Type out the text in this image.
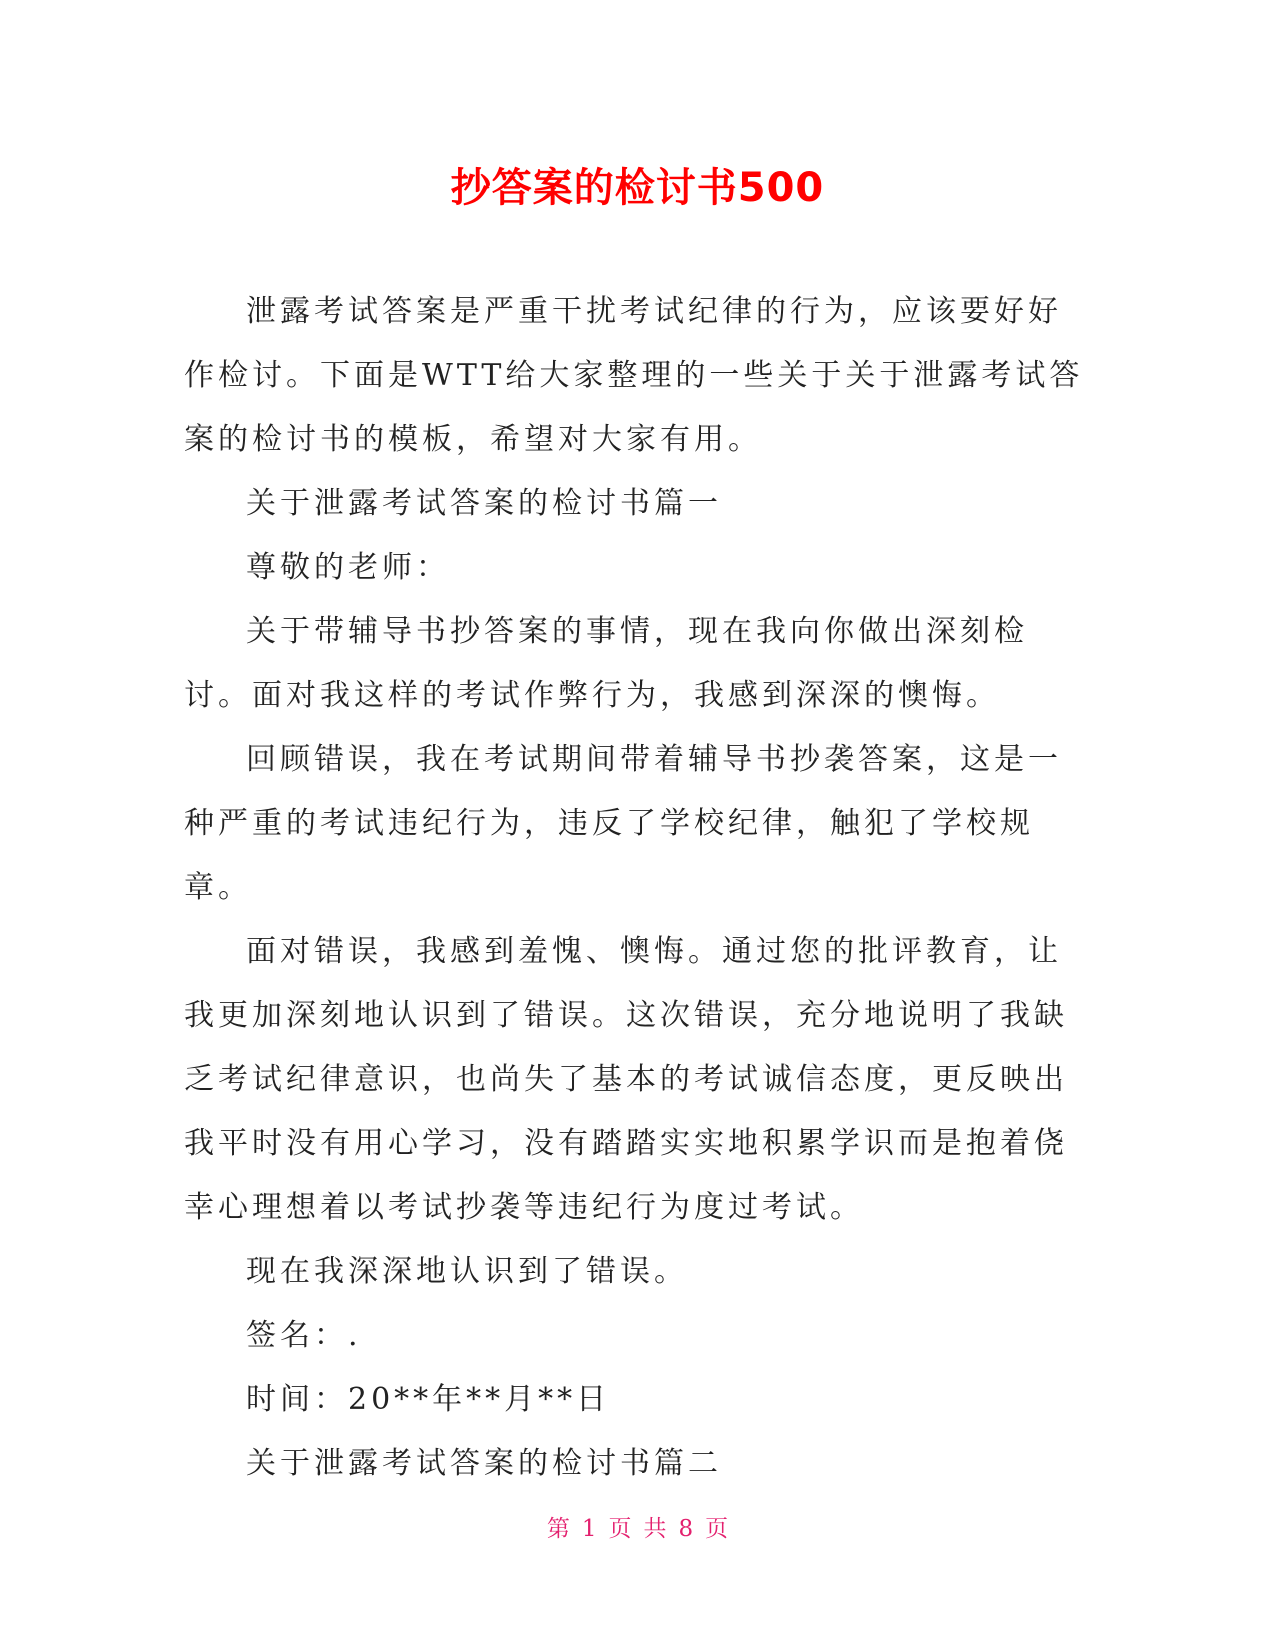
抄答案的检讨书500

泄露考试答案是严重干扰考试纪律的行为，应该要好好作检讨。下面是WTT给大家整理的一些关于关于泄露考试答案的检讨书的模板，希望对大家有用。

关于泄露考试答案的检讨书篇一

尊敬的老师：

关于带辅导书抄答案的事情，现在我向你做出深刻检讨。面对我这样的考试作弊行为，我感到深深的懊悔。

回顾错误，我在考试期间带着辅导书抄袭答案，这是一种严重的考试违纪行为，违反了学校纪律，触犯了学校规章。

面对错误，我感到羞愧、懊悔。通过您的批评教育，让我更加深刻地认识到了错误。这次错误，充分地说明了我缺乏考试纪律意识，也尚失了基本的考试诚信态度，更反映出我平时没有用心学习，没有踏踏实实地积累学识而是抱着侥幸心理想着以考试抄袭等违纪行为度过考试。

现在我深深地认识到了错误。

签名：.

时间：20**年**月**日

关于泄露考试答案的检讨书篇二

第 1 页 共 8 页
